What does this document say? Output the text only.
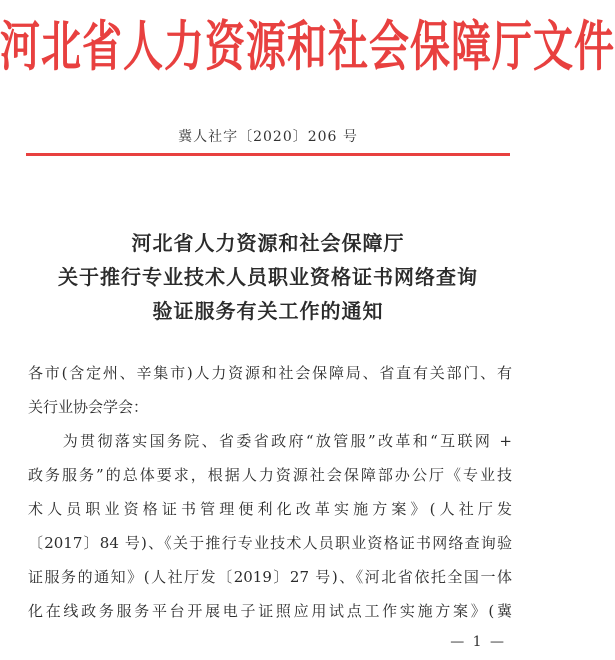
河北省人力资源和社会保障厅文件
冀人社字〔2020〕206 号
河北省人力资源和社会保障厅
关于推行专业技术人员职业资格证书网络查询
验证服务有关工作的通知
各市(含定州、辛集市)人力资源和社会保障局、省直有关部门、有
关行业协会学会：
　　为贯彻落实国务院、省委省政府“放管服”改革和“互联网 +
政务服务”的总体要求，根据人力资源社会保障部办公厅《专业技
术人员职业资格证书管理便利化改革实施方案》(人社厅发
〔2017〕84 号)、《关于推行专业技术人员职业资格证书网络查询验
证服务的通知》(人社厅发〔2019〕27 号)、《河北省依托全国一体
化在线政务服务平台开展电子证照应用试点工作实施方案》(冀
— 1 —
